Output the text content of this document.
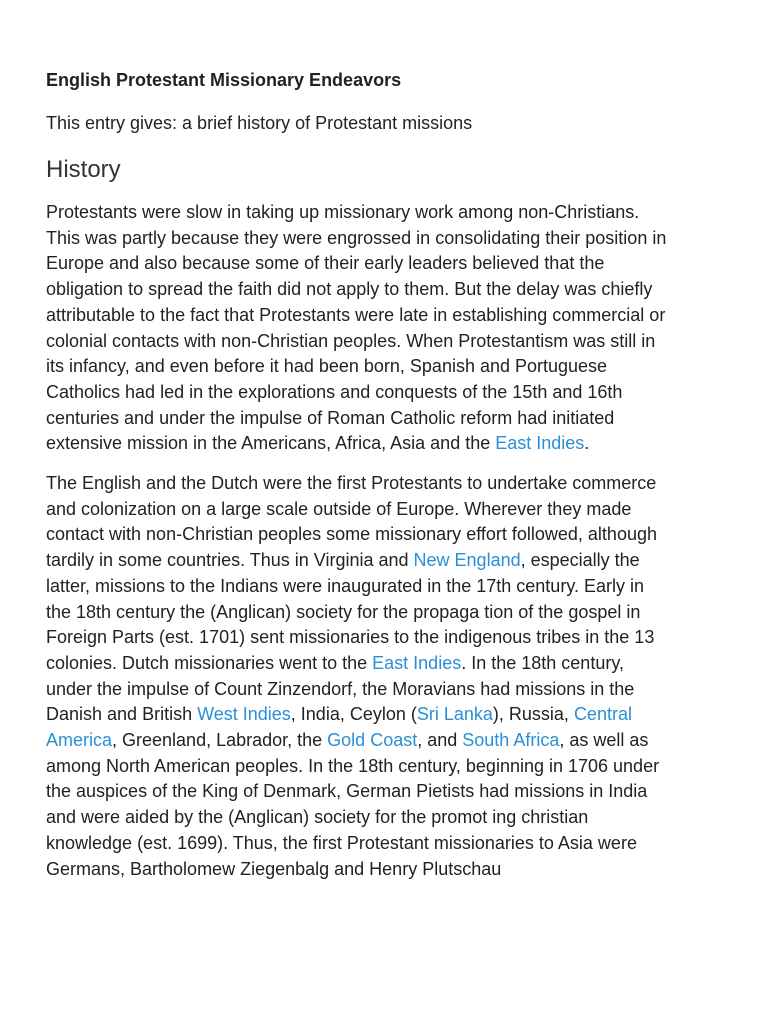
English Protestant Missionary Endeavors

This entry gives: a brief history of Protestant missions

History

Protestants were slow in taking up missionary work among non-Christians.
This was partly because they were engrossed in consolidating their position in
Europe and also because some of their early leaders believed that the
obligation to spread the faith did not apply to them. But the delay was chiefly
attributable to the fact that Protestants were late in establishing commercial or
colonial contacts with non-Christian peoples. When Protestantism was still in
its infancy, and even before it had been born, Spanish and Portuguese
Catholics had led in the explorations and conquests of the 15th and 16th
centuries and under the impulse of Roman Catholic reform had initiated
extensive mission in the Americans, Africa, Asia and the East Indies.

The English and the Dutch were the first Protestants to undertake commerce
and colonization on a large scale outside of Europe. Wherever they made
contact with non-Christian peoples some missionary effort followed, although
tardily in some countries. Thus in Virginia and New England, especially the
latter, missions to the Indians were inaugurated in the 17th century. Early in
the 18th century the (Anglican) society for the propaga tion of the gospel in
Foreign Parts (est. 1701) sent missionaries to the indigenous tribes in the 13
colonies. Dutch missionaries went to the East Indies. In the 18th century,
under the impulse of Count Zinzendorf, the Moravians had missions in the
Danish and British West Indies, India, Ceylon (Sri Lanka), Russia, Central
America, Greenland, Labrador, the Gold Coast, and South Africa, as well as
among North American peoples. In the 18th century, beginning in 1706 under
the auspices of the King of Denmark, German Pietists had missions in India
and were aided by the (Anglican) society for the promot ing christian
knowledge (est. 1699). Thus, the first Protestant missionaries to Asia were
Germans, Bartholomew Ziegenbalg and Henry Plutschau
